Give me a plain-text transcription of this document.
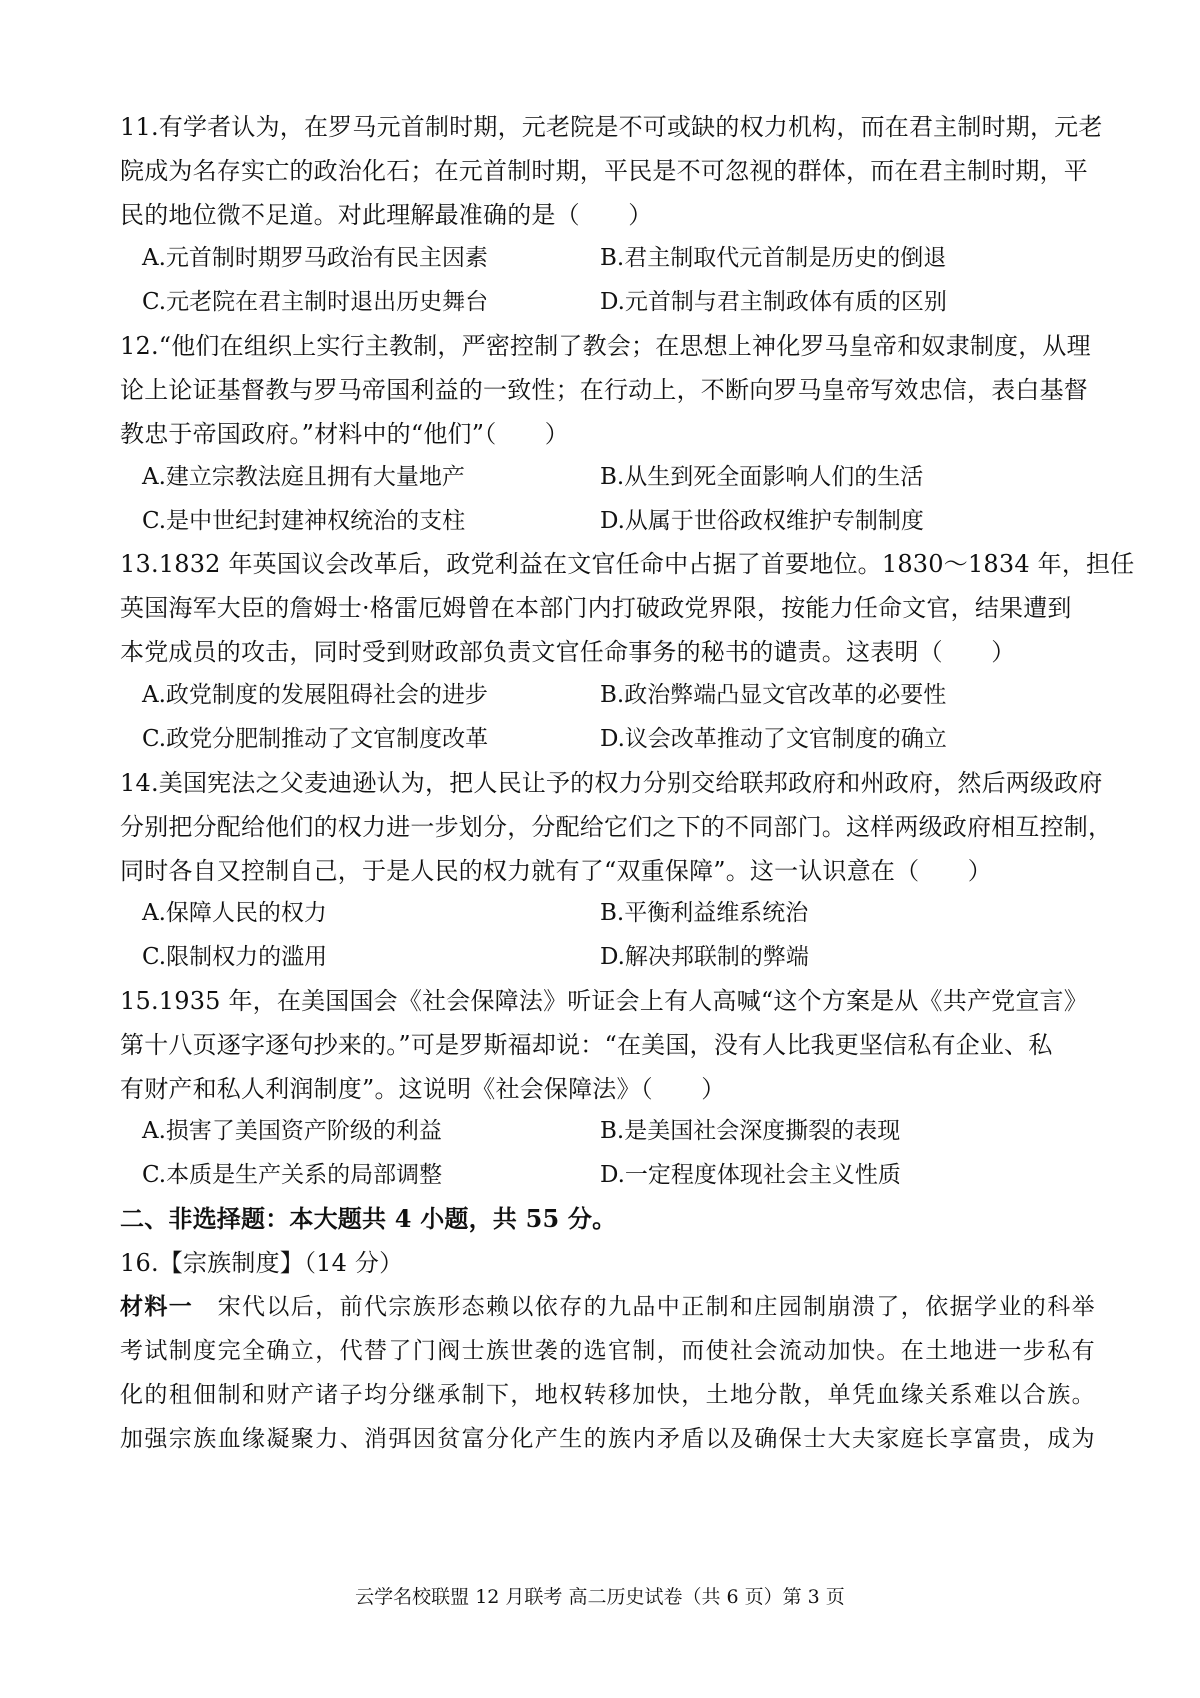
11.有学者认为，在罗马元首制时期，元老院是不可或缺的权力机构，而在君主制时期，元老
院成为名存实亡的政治化石；在元首制时期，平民是不可忽视的群体，而在君主制时期，平
民的地位微不足道。对此理解最准确的是（　　）
A.元首制时期罗马政治有民主因素	B.君主制取代元首制是历史的倒退
C.元老院在君主制时退出历史舞台	D.元首制与君主制政体有质的区别
12.“他们在组织上实行主教制，严密控制了教会；在思想上神化罗马皇帝和奴隶制度，从理
论上论证基督教与罗马帝国利益的一致性；在行动上，不断向罗马皇帝写效忠信，表白基督
教忠于帝国政府。”材料中的“他们”（　　）
A.建立宗教法庭且拥有大量地产	B.从生到死全面影响人们的生活
C.是中世纪封建神权统治的支柱	D.从属于世俗政权维护专制制度
13.1832 年英国议会改革后，政党利益在文官任命中占据了首要地位。1830～1834 年，担任
英国海军大臣的詹姆士·格雷厄姆曾在本部门内打破政党界限，按能力任命文官，结果遭到
本党成员的攻击，同时受到财政部负责文官任命事务的秘书的谴责。这表明（　　）
A.政党制度的发展阻碍社会的进步	B.政治弊端凸显文官改革的必要性
C.政党分肥制推动了文官制度改革	D.议会改革推动了文官制度的确立
14.美国宪法之父麦迪逊认为，把人民让予的权力分别交给联邦政府和州政府，然后两级政府
分别把分配给他们的权力进一步划分，分配给它们之下的不同部门。这样两级政府相互控制，
同时各自又控制自己，于是人民的权力就有了“双重保障”。这一认识意在（　　）
A.保障人民的权力	B.平衡利益维系统治
C.限制权力的滥用	D.解决邦联制的弊端
15.1935 年，在美国国会《社会保障法》听证会上有人高喊“这个方案是从《共产党宣言》
第十八页逐字逐句抄来的。”可是罗斯福却说：“在美国，没有人比我更坚信私有企业、私
有财产和私人利润制度”。这说明《社会保障法》（　　）
A.损害了美国资产阶级的利益	B.是美国社会深度撕裂的表现
C.本质是生产关系的局部调整	D.一定程度体现社会主义性质
二、非选择题：本大题共 4 小题，共 55 分。
16.【宗族制度】（14 分）
材料一　宋代以后，前代宗族形态赖以依存的九品中正制和庄园制崩溃了，依据学业的科举
考试制度完全确立，代替了门阀士族世袭的选官制，而使社会流动加快。在土地进一步私有
化的租佃制和财产诸子均分继承制下，地权转移加快，土地分散，单凭血缘关系难以合族。
加强宗族血缘凝聚力、消弭因贫富分化产生的族内矛盾以及确保士大夫家庭长享富贵，成为
云学名校联盟 12 月联考 高二历史试卷（共 6 页）第 3 页
